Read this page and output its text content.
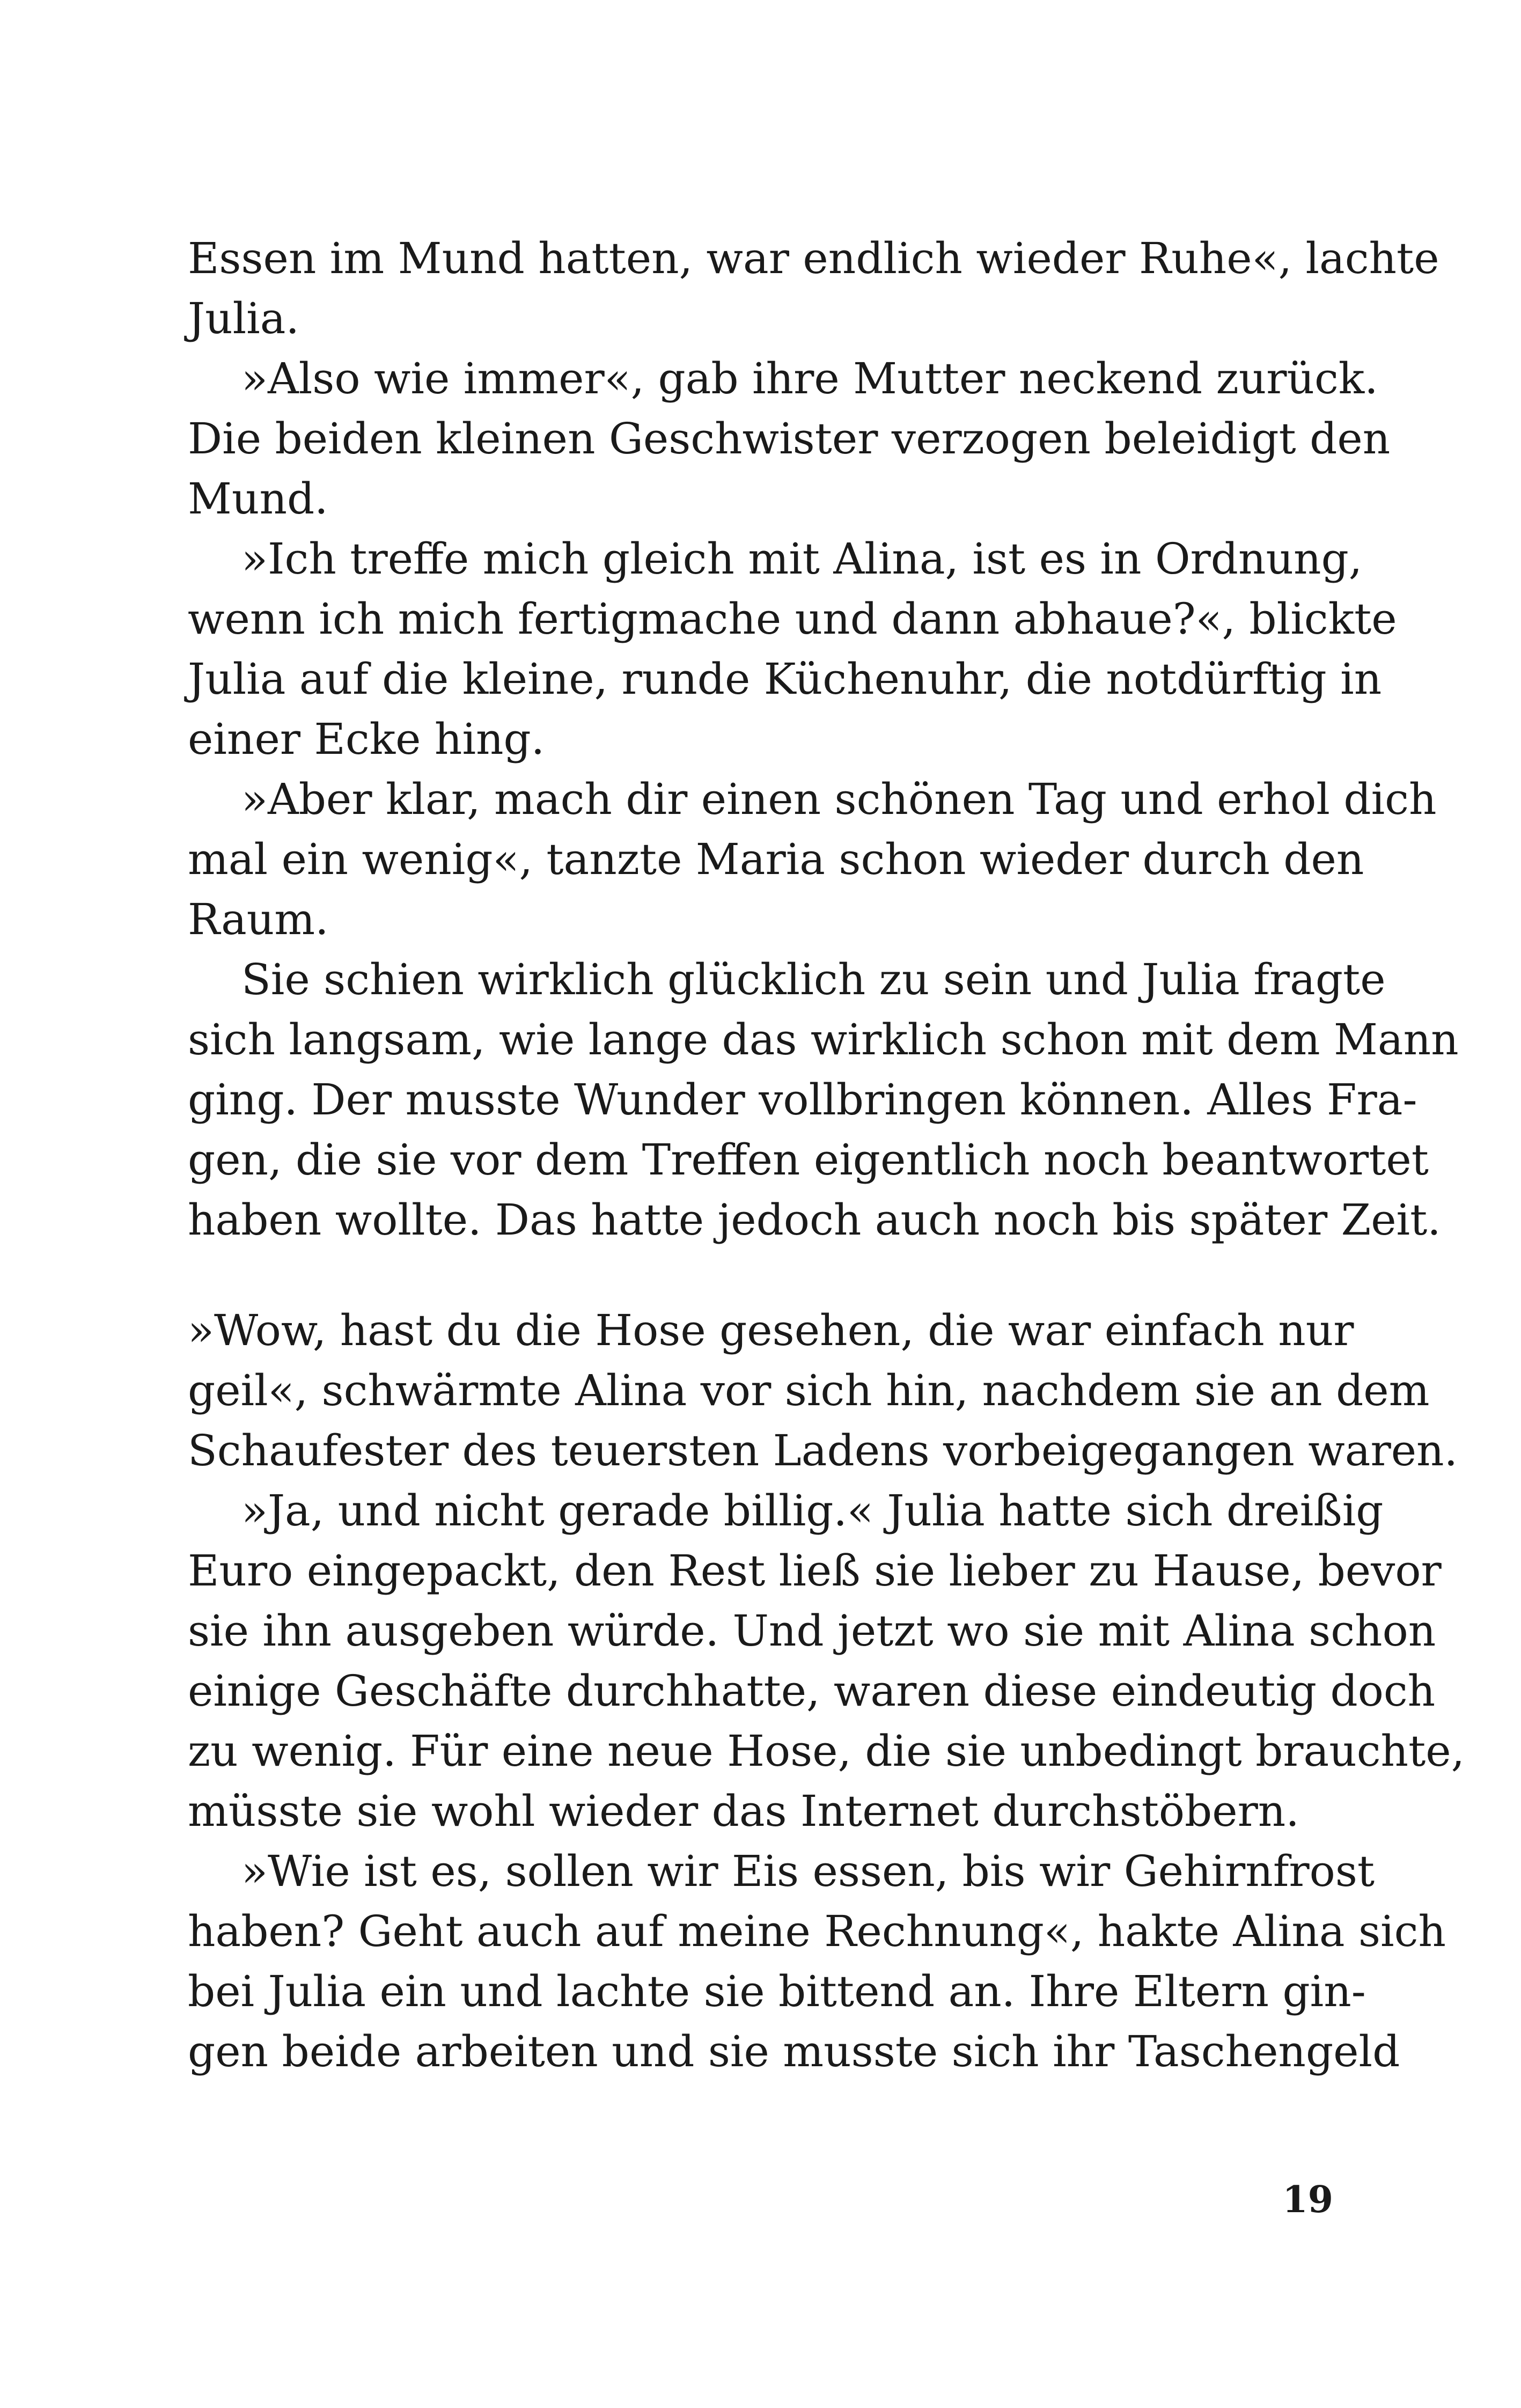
Essen im Mund hatten, war endlich wieder Ruhe«, lachte
Julia.
»Also wie immer«, gab ihre Mutter neckend zurück.
Die beiden kleinen Geschwister verzogen beleidigt den
Mund.
»Ich treffe mich gleich mit Alina, ist es in Ordnung,
wenn ich mich fertigmache und dann abhaue?«, blickte
Julia auf die kleine, runde Küchenuhr, die notdürftig in
einer Ecke hing.
»Aber klar, mach dir einen schönen Tag und erhol dich
mal ein wenig«, tanzte Maria schon wieder durch den
Raum.
Sie schien wirklich glücklich zu sein und Julia fragte
sich langsam, wie lange das wirklich schon mit dem Mann
ging. Der musste Wunder vollbringen können. Alles Fra-
gen, die sie vor dem Treffen eigentlich noch beantwortet
haben wollte. Das hatte jedoch auch noch bis später Zeit.
»Wow, hast du die Hose gesehen, die war einfach nur
geil«, schwärmte Alina vor sich hin, nachdem sie an dem
Schaufester des teuersten Ladens vorbeigegangen waren.
»Ja, und nicht gerade billig.« Julia hatte sich dreißig
Euro eingepackt, den Rest ließ sie lieber zu Hause, bevor
sie ihn ausgeben würde. Und jetzt wo sie mit Alina schon
einige Geschäfte durchhatte, waren diese eindeutig doch
zu wenig. Für eine neue Hose, die sie unbedingt brauchte,
müsste sie wohl wieder das Internet durchstöbern.
»Wie ist es, sollen wir Eis essen, bis wir Gehirnfrost
haben? Geht auch auf meine Rechnung«, hakte Alina sich
bei Julia ein und lachte sie bittend an. Ihre Eltern gin-
gen beide arbeiten und sie musste sich ihr Taschengeld
19
